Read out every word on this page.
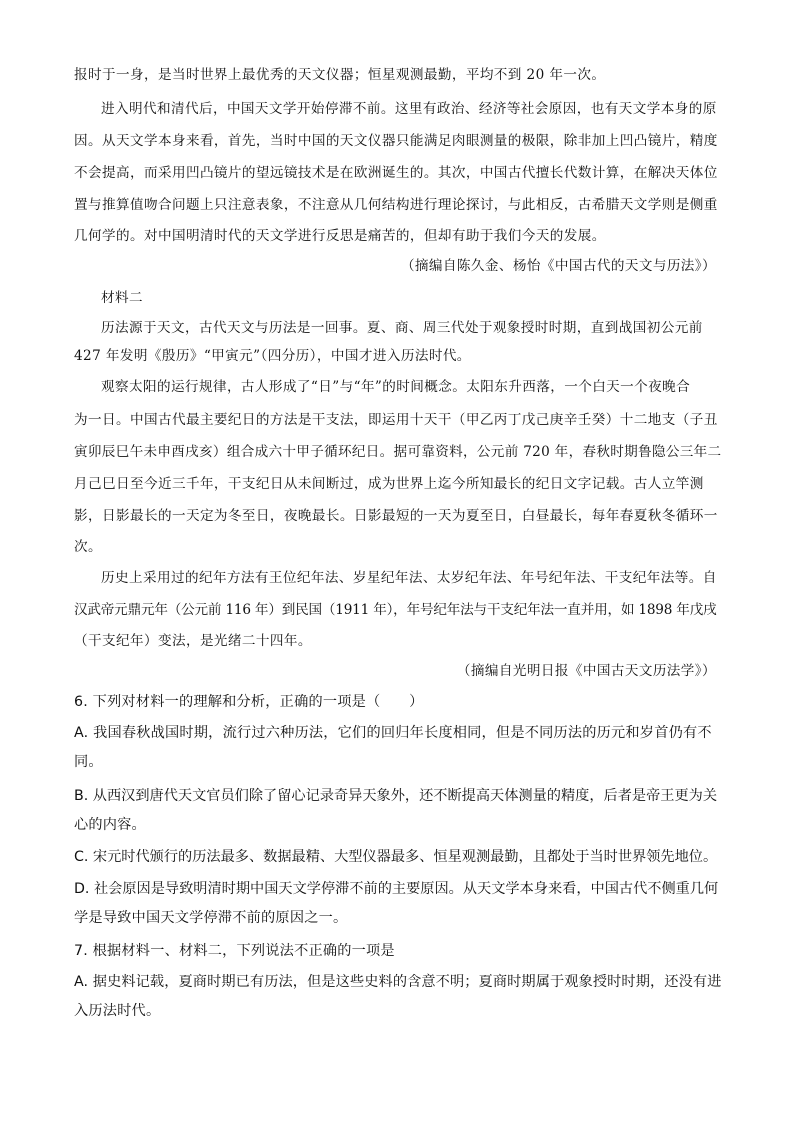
报时于一身，是当时世界上最优秀的天文仪器；恒星观测最勤，平均不到 20 年一次。
进入明代和清代后，中国天文学开始停滞不前。这里有政治、经济等社会原因，也有天文学本身的原
因。从天文学本身来看，首先，当时中国的天文仪器只能满足肉眼测量的极限，除非加上凹凸镜片，精度
不会提高，而采用凹凸镜片的望远镜技术是在欧洲诞生的。其次，中国古代擅长代数计算，在解决天体位
置与推算值吻合问题上只注意表象，不注意从几何结构进行理论探讨，与此相反，古希腊天文学则是侧重
几何学的。对中国明清时代的天文学进行反思是痛苦的，但却有助于我们今天的发展。
（摘编自陈久金、杨怡《中国古代的天文与历法》）
材料二
历法源于天文，古代天文与历法是一回事。夏、商、周三代处于观象授时时期，直到战国初公元前
427 年发明《殷历》“甲寅元”（四分历），中国才进入历法时代。
观察太阳的运行规律，古人形成了“日”与“年”的时间概念。太阳东升西落，一个白天一个夜晚合
为一日。中国古代最主要纪日的方法是干支法，即运用十天干（甲乙丙丁戊己庚辛壬癸）十二地支（子丑
寅卯辰巳午未申酉戌亥）组合成六十甲子循环纪日。据可靠资料，公元前 720 年，春秋时期鲁隐公三年二
月己巳日至今近三千年，干支纪日从未间断过，成为世界上迄今所知最长的纪日文字记载。古人立竿测
影，日影最长的一天定为冬至日，夜晚最长。日影最短的一天为夏至日，白昼最长，每年春夏秋冬循环一
次。
历史上采用过的纪年方法有王位纪年法、岁星纪年法、太岁纪年法、年号纪年法、干支纪年法等。自
汉武帝元鼎元年（公元前 116 年）到民国（1911 年），年号纪年法与干支纪年法一直并用，如 1898 年戊戌
（干支纪年）变法，是光绪二十四年。
（摘编自光明日报《中国古天文历法学》）
6. 下列对材料一的理解和分析，正确的一项是（　　）
A. 我国春秋战国时期，流行过六种历法，它们的回归年长度相同，但是不同历法的历元和岁首仍有不
同。
B. 从西汉到唐代天文官员们除了留心记录奇异天象外，还不断提高天体测量的精度，后者是帝王更为关
心的内容。
C. 宋元时代颁行的历法最多、数据最精、大型仪器最多、恒星观测最勤，且都处于当时世界领先地位。
D. 社会原因是导致明清时期中国天文学停滞不前的主要原因。从天文学本身来看，中国古代不侧重几何
学是导致中国天文学停滞不前的原因之一。
7. 根据材料一、材料二，下列说法不正确的一项是
A. 据史料记载，夏商时期已有历法，但是这些史料的含意不明；夏商时期属于观象授时时期，还没有进
入历法时代。
